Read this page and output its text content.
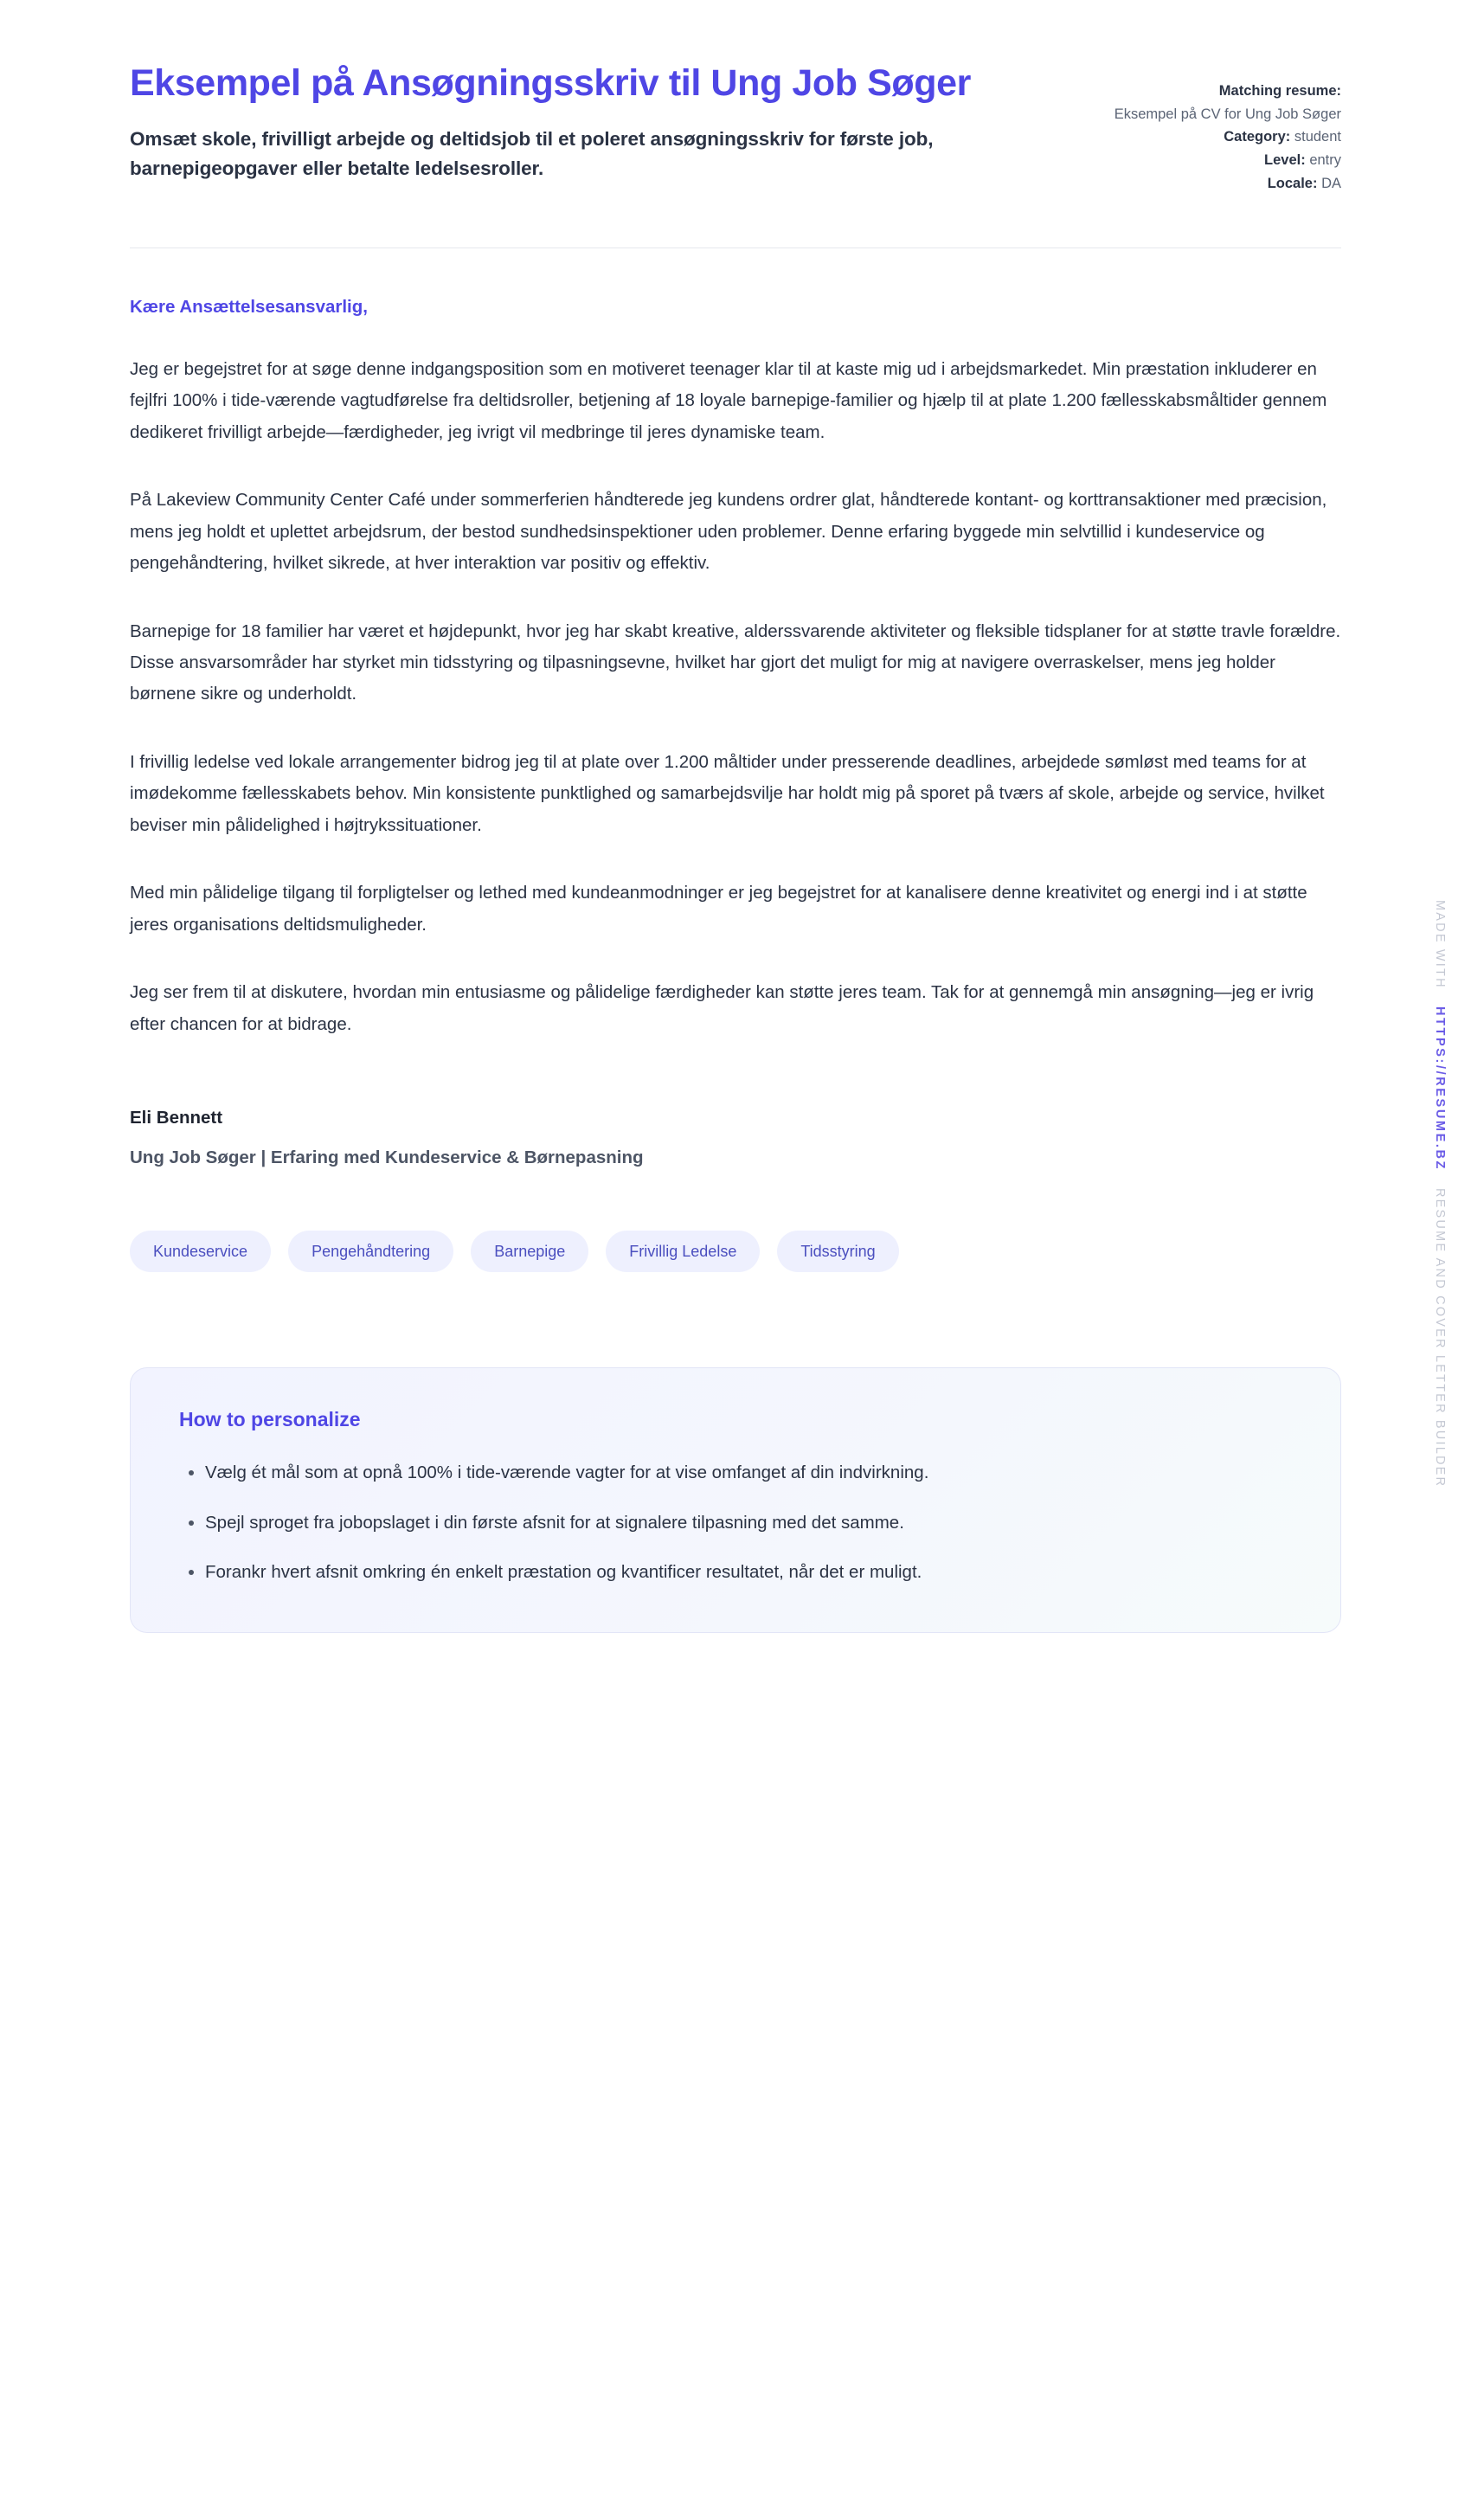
Eksempel på Ansøgningsskriv til Ung Job Søger

Omsæt skole, frivilligt arbejde og deltidsjob til et poleret ansøgningsskriv for første job, barnepigeopgaver eller betalte ledelsesroller.

Matching resume:
Eksempel på CV for Ung Job Søger
Category: student
Level: entry
Locale: DA

Kære Ansættelsesansvarlig,

Jeg er begejstret for at søge denne indgangsposition som en motiveret teenager klar til at kaste mig ud i arbejdsmarkedet. Min præstation inkluderer en fejlfri 100% i tide-værende vagtudførelse fra deltidsroller, betjening af 18 loyale barnepige-familier og hjælp til at plate 1.200 fællesskabsmåltider gennem dedikeret frivilligt arbejde—færdigheder, jeg ivrigt vil medbringe til jeres dynamiske team.

På Lakeview Community Center Café under sommerferien håndterede jeg kundens ordrer glat, håndterede kontant- og korttransaktioner med præcision, mens jeg holdt et uplettet arbejdsrum, der bestod sundhedsinspektioner uden problemer. Denne erfaring byggede min selvtillid i kundeservice og pengehåndtering, hvilket sikrede, at hver interaktion var positiv og effektiv.

Barnepige for 18 familier har været et højdepunkt, hvor jeg har skabt kreative, alderssvarende aktiviteter og fleksible tidsplaner for at støtte travle forældre. Disse ansvarsområder har styrket min tidsstyring og tilpasningsevne, hvilket har gjort det muligt for mig at navigere overraskelser, mens jeg holder børnene sikre og underholdt.

I frivillig ledelse ved lokale arrangementer bidrog jeg til at plate over 1.200 måltider under presserende deadlines, arbejdede sømløst med teams for at imødekomme fællesskabets behov. Min konsistente punktlighed og samarbejdsvilje har holdt mig på sporet på tværs af skole, arbejde og service, hvilket beviser min pålidelighed i højtrykssituationer.

Med min pålidelige tilgang til forpligtelser og lethed med kundeanmodninger er jeg begejstret for at kanalisere denne kreativitet og energi ind i at støtte jeres organisations deltidsmuligheder.

Jeg ser frem til at diskutere, hvordan min entusiasme og pålidelige færdigheder kan støtte jeres team. Tak for at gennemgå min ansøgning—jeg er ivrig efter chancen for at bidrage.

Eli Bennett

Ung Job Søger | Erfaring med Kundeservice & Børnepasning

Kundeservice	Pengehåndtering	Barnepige	Frivillig Ledelse	Tidsstyring
How to personalize
• Vælg ét mål som at opnå 100% i tide-værende vagter for at vise omfanget af din indvirkning.
• Spejl sproget fra jobopslaget i din første afsnit for at signalere tilpasning med det samme.
• Forankr hvert afsnit omkring én enkelt præstation og kvantificer resultatet, når det er muligt.
MADE WITH
HTTPS://RESUME.BZ
RESUME AND COVER LETTER BUILDER
